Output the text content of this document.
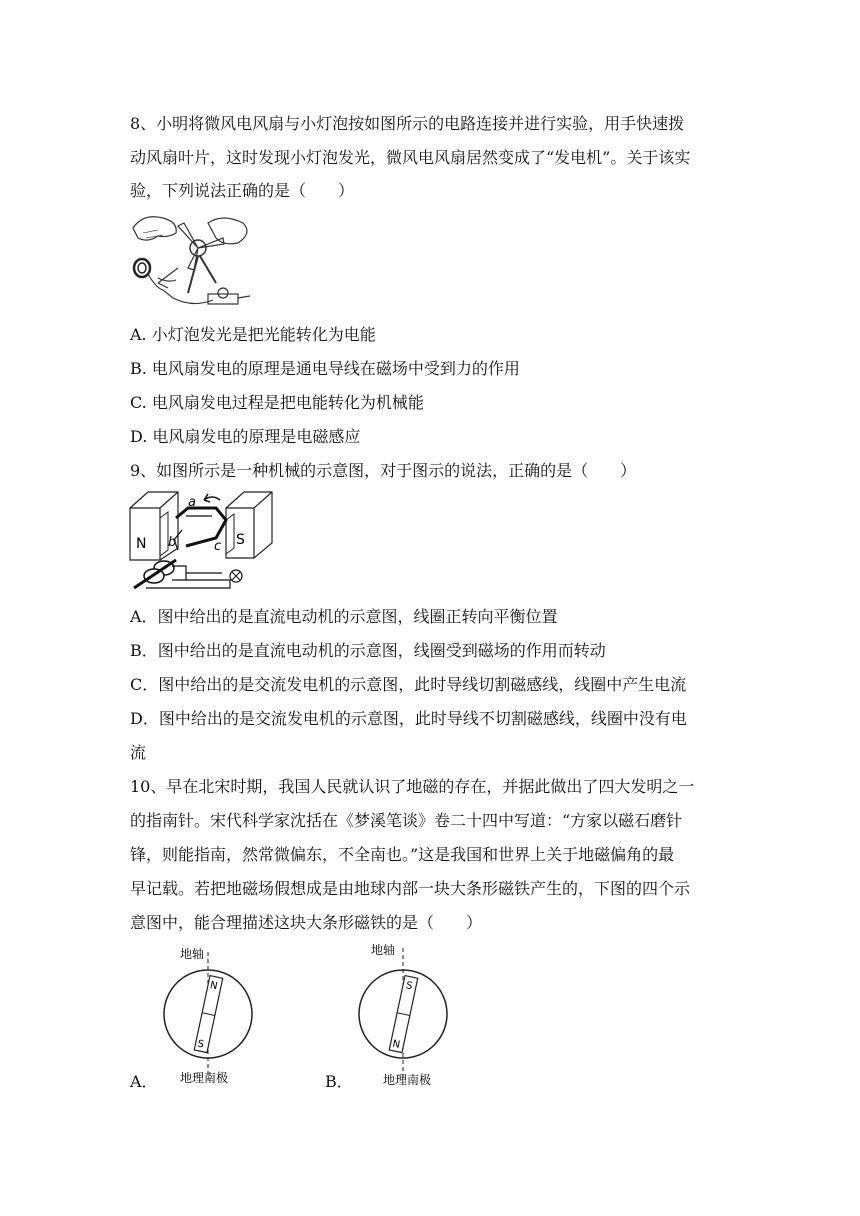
8、小明将微风电风扇与小灯泡按如图所示的电路连接并进行实验，用手快速拨
动风扇叶片，这时发现小灯泡发光，微风电风扇居然变成了“发电机”。关于该实
验，下列说法正确的是（　　）
A. 小灯泡发光是把光能转化为电能
B. 电风扇发电的原理是通电导线在磁场中受到力的作用
C. 电风扇发电过程是把电能转化为机械能
D. 电风扇发电的原理是电磁感应
9、如图所示是一种机械的示意图，对于图示的说法，正确的是（　　）
N	S
a
b	c
A．图中给出的是直流电动机的示意图，线圈正转向平衡位置
B．图中给出的是直流电动机的示意图，线圈受到磁场的作用而转动
C．图中给出的是交流发电机的示意图，此时导线切割磁感线，线圈中产生电流
D．图中给出的是交流发电机的示意图，此时导线不切割磁感线，线圈中没有电
流
10、早在北宋时期，我国人民就认识了地磁的存在，并据此做出了四大发明之一
的指南针。宋代科学家沈括在《梦溪笔谈》卷二十四中写道：“方家以磁石磨针
锋，则能指南，然常微偏东，不全南也。”这是我国和世界上关于地磁偏角的最
早记载。若把地磁场假想成是由地球内部一块大条形磁铁产生的，下图的四个示
意图中，能合理描述这块大条形磁铁的是（　　）
地轴
N
S
地理南极
A．
地轴
S
N
地理南极
B．
